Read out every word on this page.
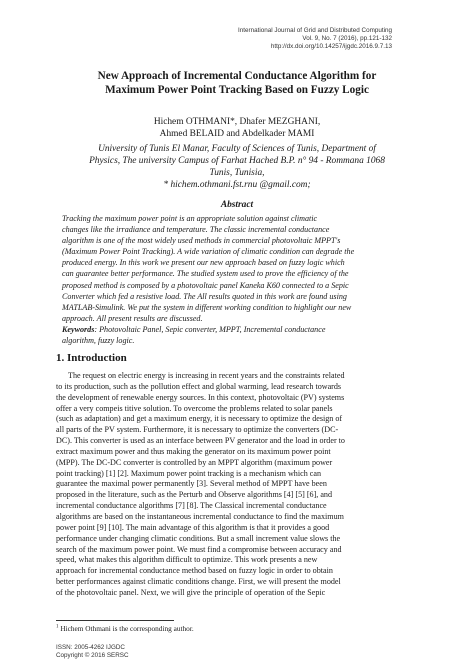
International Journal of Grid and Distributed Computing
Vol. 9, No. 7 (2016), pp.121-132
http://dx.doi.org/10.14257/ijgdc.2016.9.7.13
New Approach of Incremental Conductance Algorithm for
Maximum Power Point Tracking Based on Fuzzy Logic
Hichem OTHMANI*, Dhafer MEZGHANI,
Ahmed BELAID and Abdelkader MAMI
University of Tunis El Manar, Faculty of Sciences of Tunis, Department of
Physics, The university Campus of Farhat Hached B.P. n° 94 - Rommana 1068
Tunis, Tunisia,
* hichem.othmani.fst.rnu @gmail.com;
Abstract
Tracking the maximum power point is an appropriate solution against climatic
changes like the irradiance and temperature. The classic incremental conductance
algorithm is one of the most widely used methods in commercial photovoltaic MPPT's
(Maximum Power Point Tracking). A wide variation of climatic condition can degrade the
produced energy. In this work we present our new approach based on fuzzy logic which
can guarantee better performance. The studied system used to prove the efficiency of the
proposed method is composed by a photovoltaic panel Kaneka K60 connected to a Sepic
Converter which fed a resistive load. The All results quoted in this work are found using
MATLAB-Simulink. We put the system in different working condition to highlight our new
approach. All present results are discussed.
Keywords: Photovoltaic Panel, Sepic converter, MPPT, Incremental conductance
algorithm, fuzzy logic.
1. Introduction
The request on electric energy is increasing in recent years and the constraints related
to its production, such as the pollution effect and global warming, lead research towards
the development of renewable energy sources. In this context, photovoltaic (PV) systems
offer a very compeis titive solution. To overcome the problems related to solar panels
(such as adaptation) and get a maximum energy, it is necessary to optimize the design of
all parts of the PV system. Furthermore, it is necessary to optimize the converters (DC-
DC). This converter is used as an interface between PV generator and the load in order to
extract maximum power and thus making the generator on its maximum power point
(MPP). The DC-DC converter is controlled by an MPPT algorithm (maximum power
point tracking) [1] [2]. Maximum power point tracking is a mechanism which can
guarantee the maximal power permanently [3]. Several method of MPPT have been
proposed in the literature, such as the Perturb and Observe algorithms [4] [5] [6], and
incremental conductance algorithms [7] [8]. The Classical incremental conductance
algorithms are based on the instantaneous incremental conductance to find the maximum
power point [9] [10]. The main advantage of this algorithm is that it provides a good
performance under changing climatic conditions. But a small increment value slows the
search of the maximum power point. We must find a compromise between accuracy and
speed, what makes this algorithm difficult to optimize. This work presents a new
approach for incremental conductance method based on fuzzy logic in order to obtain
better performances against climatic conditions change. First, we will present the model
of the photovoltaic panel. Next, we will give the principle of operation of the Sepic
$^1$ Hichem Othmani is the corresponding author.
ISSN: 2005-4262 IJGDC
Copyright © 2016 SERSC
